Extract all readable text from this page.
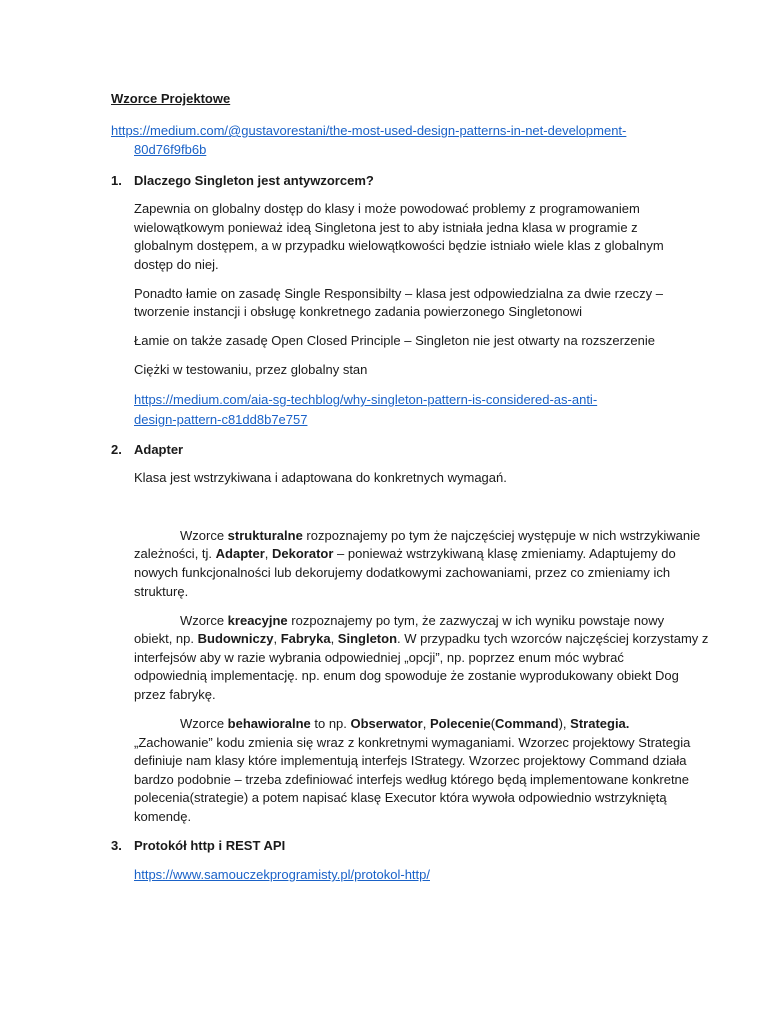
Wzorce Projektowe
https://medium.com/@gustavorestani/the-most-used-design-patterns-in-net-development-
80d76f9fb6b
1. Dlaczego Singleton jest antywzorcem?
Zapewnia on globalny dostęp do klasy i może powodować problemy z programowaniem
wielowątkowym ponieważ ideą Singletona jest to aby istniała jedna klasa w programie z
globalnym dostępem, a w przypadku wielowątkowości będzie istniało wiele klas z globalnym
dostęp do niej.
Ponadto łamie on zasadę Single Responsibilty – klasa jest odpowiedzialna za dwie rzeczy –
tworzenie instancji i obsługę konkretnego zadania powierzonego Singletonowi
Łamie on także zasadę Open Closed Principle – Singleton nie jest otwarty na rozszerzenie
Ciężki w testowaniu, przez globalny stan
https://medium.com/aia-sg-techblog/why-singleton-pattern-is-considered-as-anti-
design-pattern-c81dd8b7e757
2. Adapter
Klasa jest wstrzykiwana i adaptowana do konkretnych wymagań.
Wzorce strukturalne rozpoznajemy po tym że najczęściej występuje w nich wstrzykiwanie
zależności, tj. Adapter, Dekorator – ponieważ wstrzykiwaną klasę zmieniamy. Adaptujemy do
nowych funkcjonalności lub dekorujemy dodatkowymi zachowaniami, przez co zmieniamy ich
strukturę.
Wzorce kreacyjne rozpoznajemy po tym, że zazwyczaj w ich wyniku powstaje nowy
obiekt, np. Budowniczy, Fabryka, Singleton. W przypadku tych wzorców najczęściej korzystamy z
interfejsów aby w razie wybrania odpowiedniej „opcji”, np. poprzez enum móc wybrać
odpowiednią implementację. np. enum dog spowoduje że zostanie wyprodukowany obiekt Dog
przez fabrykę.
Wzorce behawioralne to np. Obserwator, Polecenie(Command), Strategia.
„Zachowanie” kodu zmienia się wraz z konkretnymi wymaganiami. Wzorzec projektowy Strategia
definiuje nam klasy które implementują interfejs IStrategy. Wzorzec projektowy Command działa
bardzo podobnie – trzeba zdefiniować interfejs według którego będą implementowane konkretne
polecenia(strategie) a potem napisać klasę Executor która wywoła odpowiednio wstrzykniętą
komendę.
3. Protokół http i REST API
https://www.samouczekprogramisty.pl/protokol-http/
